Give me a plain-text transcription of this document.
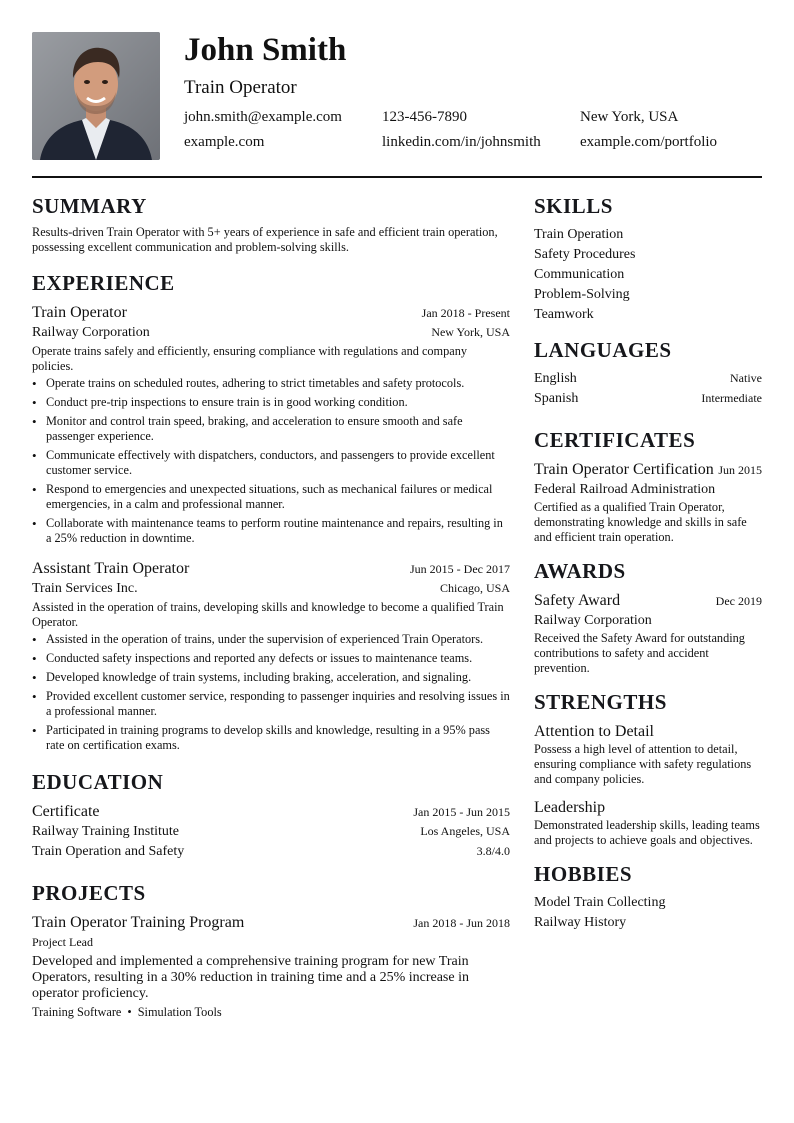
John Smith
Train Operator
john.smith@example.com	123-456-7890	New York, USA
example.com	linkedin.com/in/johnsmith	example.com/portfolio
SUMMARY
Results-driven Train Operator with 5+ years of experience in safe and efficient train operation, possessing excellent communication and problem-solving skills.
EXPERIENCE
Train Operator	Jan 2018 - Present
Railway Corporation	New York, USA
Operate trains safely and efficiently, ensuring compliance with regulations and company policies.
• Operate trains on scheduled routes, adhering to strict timetables and safety protocols.
• Conduct pre-trip inspections to ensure train is in good working condition.
• Monitor and control train speed, braking, and acceleration to ensure smooth and safe passenger experience.
• Communicate effectively with dispatchers, conductors, and passengers to provide excellent customer service.
• Respond to emergencies and unexpected situations, such as mechanical failures or medical emergencies, in a calm and professional manner.
• Collaborate with maintenance teams to perform routine maintenance and repairs, resulting in a 25% reduction in downtime.
Assistant Train Operator	Jun 2015 - Dec 2017
Train Services Inc.	Chicago, USA
Assisted in the operation of trains, developing skills and knowledge to become a qualified Train Operator.
• Assisted in the operation of trains, under the supervision of experienced Train Operators.
• Conducted safety inspections and reported any defects or issues to maintenance teams.
• Developed knowledge of train systems, including braking, acceleration, and signaling.
• Provided excellent customer service, responding to passenger inquiries and resolving issues in a professional manner.
• Participated in training programs to develop skills and knowledge, resulting in a 95% pass rate on certification exams.
EDUCATION
Certificate	Jan 2015 - Jun 2015
Railway Training Institute	Los Angeles, USA
Train Operation and Safety	3.8/4.0
PROJECTS
Train Operator Training Program	Jan 2018 - Jun 2018
Project Lead
Developed and implemented a comprehensive training program for new Train Operators, resulting in a 30% reduction in training time and a 25% increase in operator proficiency.
Training Software • Simulation Tools
SKILLS
Train Operation
Safety Procedures
Communication
Problem-Solving
Teamwork
LANGUAGES
English	Native
Spanish	Intermediate
CERTIFICATES
Train Operator Certification Jun 2015
Federal Railroad Administration
Certified as a qualified Train Operator, demonstrating knowledge and skills in safe and efficient train operation.
AWARDS
Safety Award	Dec 2019
Railway Corporation
Received the Safety Award for outstanding contributions to safety and accident prevention.
STRENGTHS
Attention to Detail
Possess a high level of attention to detail, ensuring compliance with safety regulations and company policies.
Leadership
Demonstrated leadership skills, leading teams and projects to achieve goals and objectives.
HOBBIES
Model Train Collecting
Railway History
